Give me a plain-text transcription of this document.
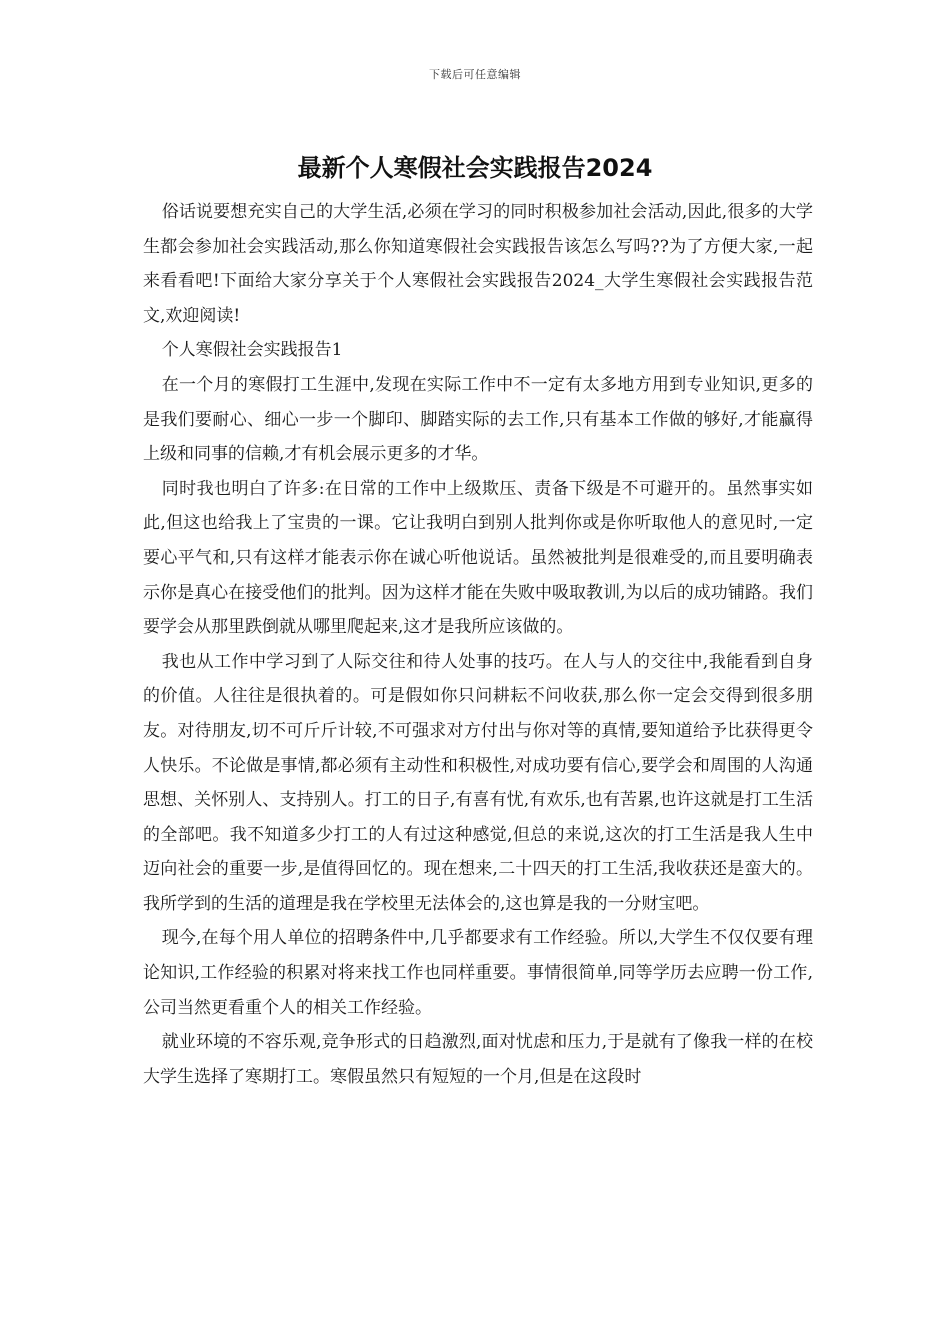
下载后可任意编辑
最新个人寒假社会实践报告2024

俗话说要想充实自己的大学生活,必须在学习的同时积极参加社会活动,因此,很多的大学生都会参加社会实践活动,那么你知道寒假社会实践报告该怎么写吗??为了方便大家,一起来看看吧!下面给大家分享关于个人寒假社会实践报告2024_大学生寒假社会实践报告范文,欢迎阅读!

个人寒假社会实践报告1

在一个月的寒假打工生涯中,发现在实际工作中不一定有太多地方用到专业知识,更多的是我们要耐心、细心一步一个脚印、脚踏实际的去工作,只有基本工作做的够好,才能赢得上级和同事的信赖,才有机会展示更多的才华。

同时我也明白了许多:在日常的工作中上级欺压、责备下级是不可避开的。虽然事实如此,但这也给我上了宝贵的一课。它让我明白到别人批判你或是你听取他人的意见时,一定要心平气和,只有这样才能表示你在诚心听他说话。虽然被批判是很难受的,而且要明确表示你是真心在接受他们的批判。因为这样才能在失败中吸取教训,为以后的成功铺路。我们要学会从那里跌倒就从哪里爬起来,这才是我所应该做的。

我也从工作中学习到了人际交往和待人处事的技巧。在人与人的交往中,我能看到自身的价值。人往往是很执着的。可是假如你只问耕耘不问收获,那么你一定会交得到很多朋友。对待朋友,切不可斤斤计较,不可强求对方付出与你对等的真情,要知道给予比获得更令人快乐。不论做是事情,都必须有主动性和积极性,对成功要有信心,要学会和周围的人沟通思想、关怀别人、支持别人。打工的日子,有喜有忧,有欢乐,也有苦累,也许这就是打工生活的全部吧。我不知道多少打工的人有过这种感觉,但总的来说,这次的打工生活是我人生中迈向社会的重要一步,是值得回忆的。现在想来,二十四天的打工生活,我收获还是蛮大的。我所学到的生活的道理是我在学校里无法体会的,这也算是我的一分财宝吧。

现今,在每个用人单位的招聘条件中,几乎都要求有工作经验。所以,大学生不仅仅要有理论知识,工作经验的积累对将来找工作也同样重要。事情很简单,同等学历去应聘一份工作,公司当然更看重个人的相关工作经验。

就业环境的不容乐观,竞争形式的日趋激烈,面对忧虑和压力,于是就有了像我一样的在校大学生选择了寒期打工。寒假虽然只有短短的一个月,但是在这段时
